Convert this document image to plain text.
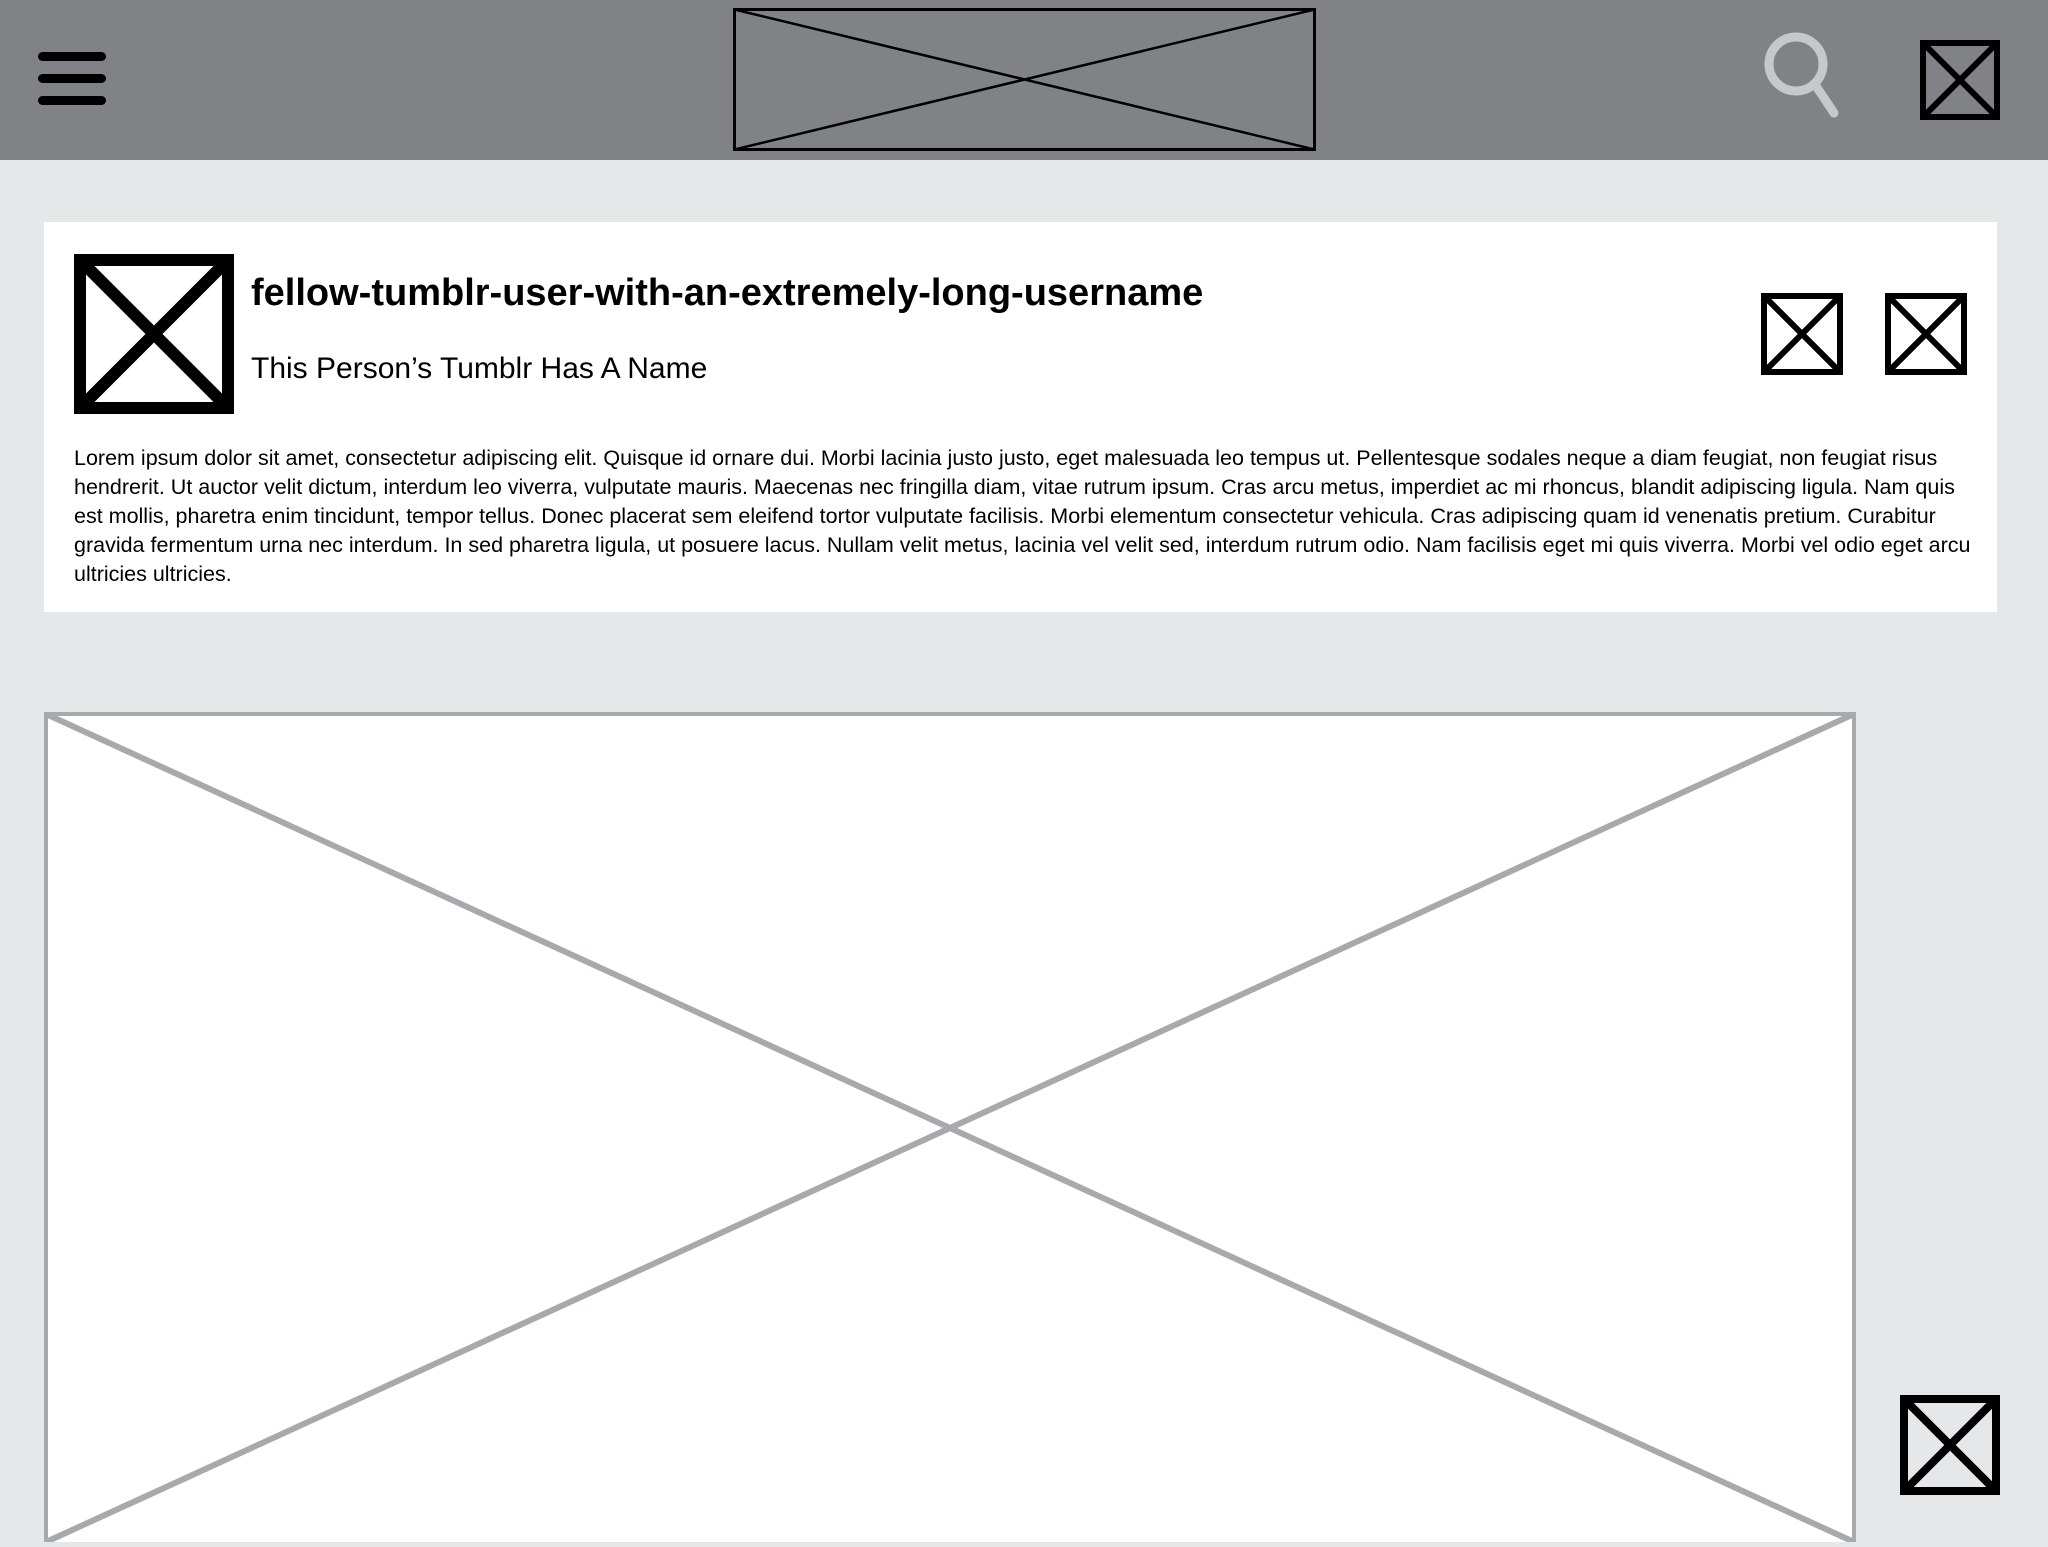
fellow-tumblr-user-with-an-extremely-long-username
This Person’s Tumblr Has A Name
Lorem ipsum dolor sit amet, consectetur adipiscing elit. Quisque id ornare dui. Morbi lacinia justo justo, eget malesuada leo tempus ut. Pellentesque sodales neque a diam feugiat, non feugiat risus hendrerit. Ut auctor velit dictum, interdum leo viverra, vulputate mauris. Maecenas nec fringilla diam, vitae rutrum ipsum. Cras arcu metus, imperdiet ac mi rhoncus, blandit adipiscing ligula. Nam quis est mollis, pharetra enim tincidunt, tempor tellus. Donec placerat sem eleifend tortor vulputate facilisis. Morbi elementum consectetur vehicula. Cras adipiscing quam id venenatis pretium. Curabitur gravida fermentum urna nec interdum. In sed pharetra ligula, ut posuere lacus. Nullam velit metus, lacinia vel velit sed, interdum rutrum odio. Nam facilisis eget mi quis viverra. Morbi vel odio eget arcu ultricies ultricies.
